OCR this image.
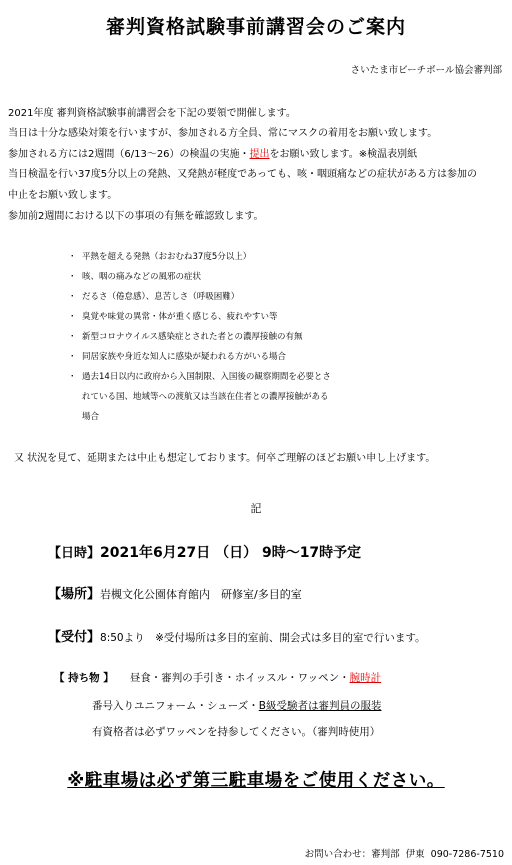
審判資格試験事前講習会のご案内
さいたま市ビーチボール協会審判部
2021年度 審判資格試験事前講習会を下記の要領で開催します。
当日は十分な感染対策を行いますが、参加される方全員、常にマスクの着用をお願い致します。
参加される方には2週間（6/13～26）の検温の実施・提出をお願い致します。※検温表別紙
当日検温を行い37度5分以上の発熱、又発熱が軽度であっても、咳・咽頭痛などの症状がある方は参加の
中止をお願い致します。
参加前2週間における以下の事項の有無を確認致します。
・ 平熱を超える発熱（おおむね37度5分以上）
・ 咳、咽の痛みなどの風邪の症状
・ だるさ（倦怠感）、息苦しさ（呼吸困難）
・ 臭覚や味覚の異常・体が重く感じる、疲れやすい等
・ 新型コロナウイルス感染症とされた者との濃厚接触の有無
・ 同居家族や身近な知人に感染が疑われる方がいる場合
・ 過去14日以内に政府から入国制限、入国後の観察期間を必要とさ
れている国、地域等への渡航又は当該在住者との濃厚接触がある
場合
又 状況を見て、延期または中止も想定しております。何卒ご理解のほどお願い申し上げます。
記
【日時】2021年6月27日 （日） 9時～17時予定
【場所】岩槻文化公園体育館内　研修室/多目的室
【受付】8:50より　※受付場所は多目的室前、開会式は多目的室で行います。
【 持ち物 】 昼食・審判の手引き・ホイッスル・ワッペン・腕時計
番号入りユニフォーム・シューズ・B級受験者は審判員の服装
有資格者は必ずワッペンを持参してください。（審判時使用）
※駐車場は必ず第三駐車場をご使用ください。
お問い合わせ：審判部 伊東 090-7286-7510
